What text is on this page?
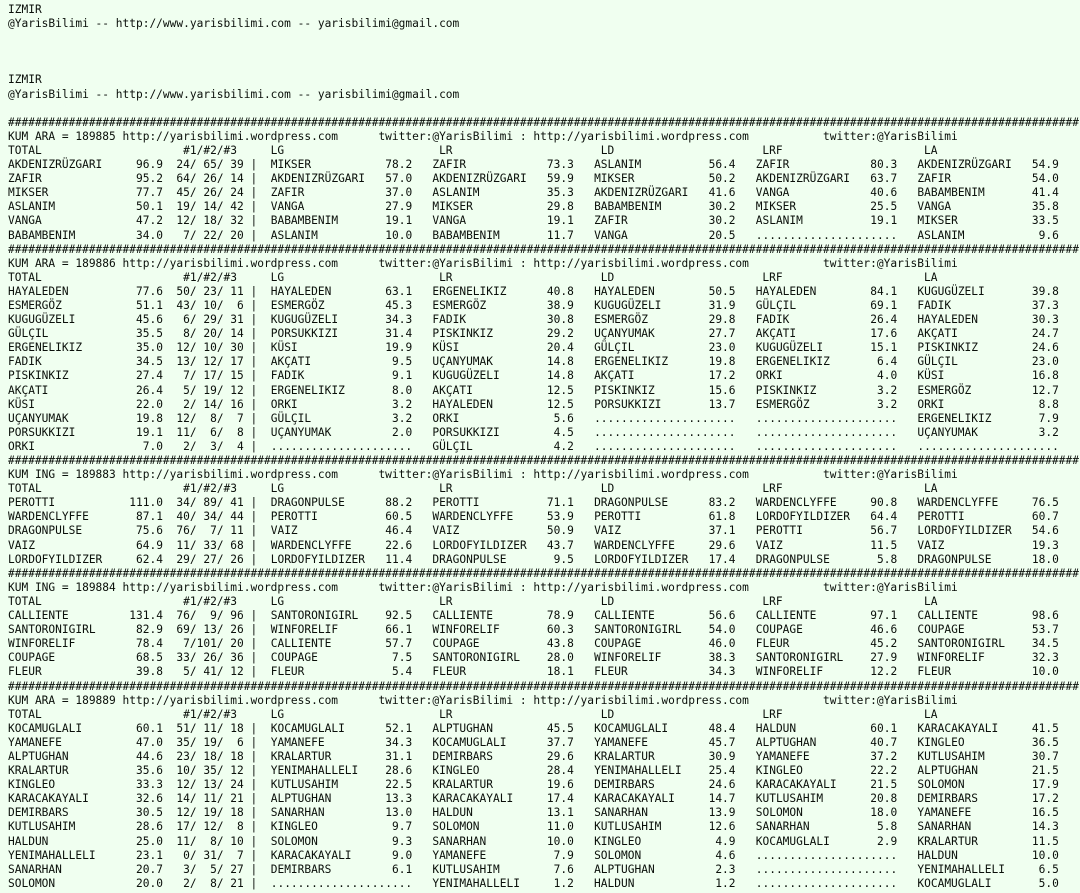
IZMIR
@YarisBilimi -- http://www.yarisbilimi.com -- yarisbilimi@gmail.com
IZMIR
@YarisBilimi -- http://www.yarisbilimi.com -- yarisbilimi@gmail.com
###############################################################################################################################################################
KUM ARA = 189885 http://yarisbilimi.wordpress.com      twitter:@YarisBilimi : http://yarisbilimi.wordpress.com           twitter:@YarisBilimi
TOTAL                     #1/#2/#3     LG                       LR                      LD                      LRF                     LA
AKDENIZRÜZGARI     96.9  24/ 65/ 39 |  MIKSER           78.2   ZAFIR            73.3   ASLANIM          56.4   ZAFIR            80.3   AKDENIZRÜZGARI   54.9
ZAFIR              95.2  64/ 26/ 14 |  AKDENIZRÜZGARI   57.0   AKDENIZRÜZGARI   59.9   MIKSER           50.2   AKDENIZRÜZGARI   63.7   ZAFIR            54.0
MIKSER             77.7  45/ 26/ 24 |  ZAFIR            37.0   ASLANIM          35.3   AKDENIZRÜZGARI   41.6   VANGA            40.6   BABAMBENIM       41.4
ASLANIM            50.1  19/ 14/ 42 |  VANGA            27.9   MIKSER           29.8   BABAMBENIM       30.2   MIKSER           25.5   VANGA            35.8
VANGA              47.2  12/ 18/ 32 |  BABAMBENIM       19.1   VANGA            19.1   ZAFIR            30.2   ASLANIM          19.1   MIKSER           33.5
BABAMBENIM         34.0   7/ 22/ 20 |  ASLANIM          10.0   BABAMBENIM       11.7   VANGA            20.5   .....................   ASLANIM           9.6
###############################################################################################################################################################
KUM ARA = 189886 http://yarisbilimi.wordpress.com      twitter:@YarisBilimi : http://yarisbilimi.wordpress.com           twitter:@YarisBilimi
TOTAL                     #1/#2/#3     LG                       LR                      LD                      LRF                     LA
HAYALEDEN          77.6  50/ 23/ 11 |  HAYALEDEN        63.1   ERGENELIKIZ      40.8   HAYALEDEN        50.5   HAYALEDEN        84.1   KUGUGÜZELI       39.8
ESMERGÖZ           51.1  43/ 10/  6 |  ESMERGÖZ         45.3   ESMERGÖZ         38.9   KUGUGÜZELI       31.9   GÜLÇIL           69.1   FADIK            37.3
KUGUGÜZELI         45.6   6/ 29/ 31 |  KUGUGÜZELI       34.3   FADIK            30.8   ESMERGÖZ         29.8   FADIK            26.4   HAYALEDEN        30.3
GÜLÇIL             35.5   8/ 20/ 14 |  PORSUKKIZI       31.4   PISKINKIZ        29.2   UÇANYUMAK        27.7   AKÇATI           17.6   AKÇATI           24.7
ERGENELIKIZ        35.0  12/ 10/ 30 |  KÜSI             19.9   KÜSI             20.4   GÜLÇIL           23.0   KUGUGÜZELI       15.1   PISKINKIZ        24.6
FADIK              34.5  13/ 12/ 17 |  AKÇATI            9.5   UÇANYUMAK        14.8   ERGENELIKIZ      19.8   ERGENELIKIZ       6.4   GÜLÇIL           23.0
PISKINKIZ          27.4   7/ 17/ 15 |  FADIK             9.1   KUGUGÜZELI       14.8   AKÇATI           17.2   ORKI              4.0   KÜSI             16.8
AKÇATI             26.4   5/ 19/ 12 |  ERGENELIKIZ       8.0   AKÇATI           12.5   PISKINKIZ        15.6   PISKINKIZ         3.2   ESMERGÖZ         12.7
KÜSI               22.0   2/ 14/ 16 |  ORKI              3.2   HAYALEDEN        12.5   PORSUKKIZI       13.7   ESMERGÖZ          3.2   ORKI              8.8
UÇANYUMAK          19.8  12/  8/  7 |  GÜLÇIL            3.2   ORKI              5.6   .....................   .....................   ERGENELIKIZ       7.9
PORSUKKIZI         19.1  11/  6/  8 |  UÇANYUMAK         2.0   PORSUKKIZI        4.5   .....................   .....................   UÇANYUMAK         3.2
ORKI                7.0   2/  3/  4 |  .....................   GÜLÇIL            4.2   .....................   .....................   .....................
###############################################################################################################################################################
KUM ING = 189883 http://yarisbilimi.wordpress.com      twitter:@YarisBilimi : http://yarisbilimi.wordpress.com           twitter:@YarisBilimi
TOTAL                     #1/#2/#3     LG                       LR                      LD                      LRF                     LA
PEROTTI           111.0  34/ 89/ 41 |  DRAGONPULSE      88.2   PEROTTI          71.1   DRAGONPULSE      83.2   WARDENCLYFFE     90.8   WARDENCLYFFE     76.5
WARDENCLYFFE       87.1  40/ 34/ 44 |  PEROTTI          60.5   WARDENCLYFFE     53.9   PEROTTI          61.8   LORDOFYILDIZER   64.4   PEROTTI          60.7
DRAGONPULSE        75.6  76/  7/ 11 |  VAIZ             46.4   VAIZ             50.9   VAIZ             37.1   PEROTTI          56.7   LORDOFYILDIZER   54.6
VAIZ               64.9  11/ 33/ 68 |  WARDENCLYFFE     22.6   LORDOFYILDIZER   43.7   WARDENCLYFFE     29.6   VAIZ             11.5   VAIZ             19.3
LORDOFYILDIZER     62.4  29/ 27/ 26 |  LORDOFYILDIZER   11.4   DRAGONPULSE       9.5   LORDOFYILDIZER   17.4   DRAGONPULSE       5.8   DRAGONPULSE      18.0
###############################################################################################################################################################
KUM ING = 189884 http://yarisbilimi.wordpress.com      twitter:@YarisBilimi : http://yarisbilimi.wordpress.com           twitter:@YarisBilimi
TOTAL                     #1/#2/#3     LG                       LR                      LD                      LRF                     LA
CALLIENTE         131.4  76/  9/ 96 |  SANTORONIGIRL    92.5   CALLIENTE        78.9   CALLIENTE        56.6   CALLIENTE        97.1   CALLIENTE        98.6
SANTORONIGIRL      82.9  69/ 13/ 26 |  WINFORELIF       66.1   WINFORELIF       60.3   SANTORONIGIRL    54.0   COUPAGE          46.6   COUPAGE          53.7
WINFORELIF         78.4   7/101/ 20 |  CALLIENTE        57.7   COUPAGE          43.8   COUPAGE          46.0   FLEUR            45.2   SANTORONIGIRL    34.5
COUPAGE            68.5  33/ 26/ 36 |  COUPAGE           7.5   SANTORONIGIRL    28.0   WINFORELIF       38.3   SANTORONIGIRL    27.9   WINFORELIF       32.3
FLEUR              39.8   5/ 41/ 12 |  FLEUR             5.4   FLEUR            18.1   FLEUR            34.3   WINFORELIF       12.2   FLEUR            10.0
###############################################################################################################################################################
KUM ARA = 189889 http://yarisbilimi.wordpress.com      twitter:@YarisBilimi : http://yarisbilimi.wordpress.com           twitter:@YarisBilimi
TOTAL                     #1/#2/#3     LG                       LR                      LD                      LRF                     LA
KOCAMUGLALI        60.1  51/ 11/ 18 |  KOCAMUGLALI      52.1   ALPTUGHAN        45.5   KOCAMUGLALI      48.4   HALDUN           60.1   KARACAKAYALI     41.5
YAMANEFE           47.0  35/ 19/  6 |  YAMANEFE         34.3   KOCAMUGLALI      37.7   YAMANEFE         45.7   ALPTUGHAN        40.7   KINGLEO          36.5
ALPTUGHAN          44.6  23/ 18/ 18 |  KRALARTUR        31.1   DEMIRBARS        29.6   KRALARTUR        30.9   YAMANEFE         37.2   KUTLUSAHIM       30.7
KRALARTUR          35.6  10/ 35/ 12 |  YENIMAHALLELI    28.6   KINGLEO          28.4   YENIMAHALLELI    25.4   KINGLEO          22.2   ALPTUGHAN        21.5
KINGLEO            33.3  12/ 13/ 24 |  KUTLUSAHIM       22.5   KRALARTUR        19.6   DEMIRBARS        24.6   KARACAKAYALI     21.5   SOLOMON          17.9
KARACAKAYALI       32.6  14/ 11/ 21 |  ALPTUGHAN        13.3   KARACAKAYALI     17.4   KARACAKAYALI     14.7   KUTLUSAHIM       20.8   DEMIRBARS        17.2
DEMIRBARS          30.5  12/ 19/ 18 |  SANARHAN         13.0   HALDUN           13.1   SANARHAN         13.9   SOLOMON          18.0   YAMANEFE         16.5
KUTLUSAHIM         28.6  17/ 12/  8 |  KINGLEO           9.7   SOLOMON          11.0   KUTLUSAHIM       12.6   SANARHAN          5.8   SANARHAN         14.3
HALDUN             25.0  11/  8/ 10 |  SOLOMON           9.3   SANARHAN         10.0   KINGLEO           4.9   KOCAMUGLALI       2.9   KRALARTUR        11.5
YENIMAHALLELI      23.1   0/ 31/  7 |  KARACAKAYALI      9.0   YAMANEFE          7.9   SOLOMON           4.6   .....................   HALDUN           10.0
SANARHAN           20.7   3/  5/ 27 |  DEMIRBARS         6.1   KUTLUSAHIM        7.6   ALPTUGHAN         2.3   .....................   YENIMAHALLELI     6.5
SOLOMON            20.0   2/  8/ 21 |  .....................   YENIMAHALLELI     1.2   HALDUN            1.2   .....................   KOCAMUGLALI       5.0
